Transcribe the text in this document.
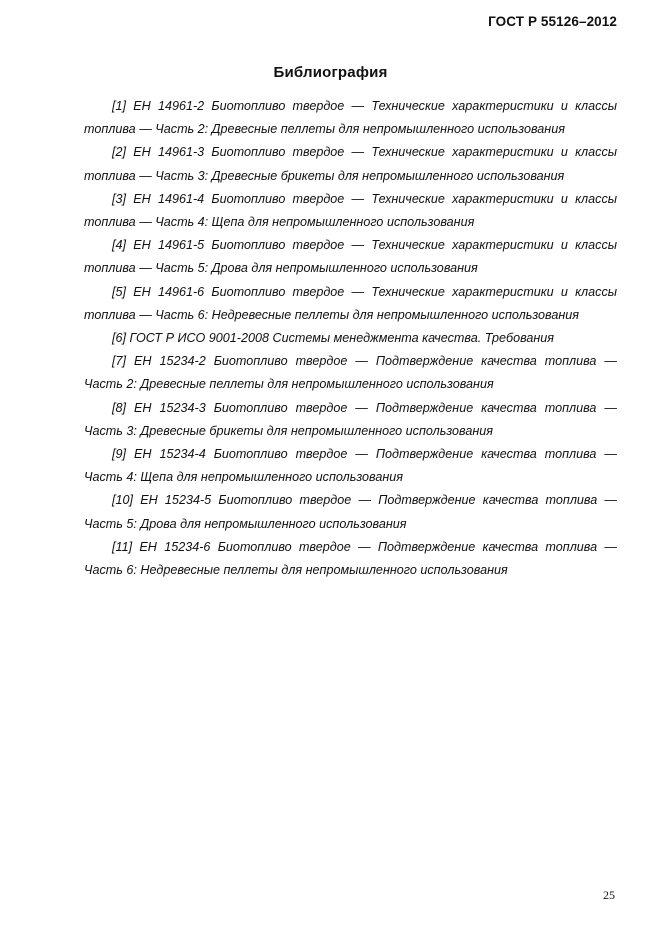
ГОСТ Р 55126–2012
Библиография

[1] ЕН 14961-2 Биотопливо твердое — Технические характеристики и классы топлива — Часть 2: Древесные пеллеты для непромышленного использования

[2] ЕН 14961-3 Биотопливо твердое — Технические характеристики и классы топлива — Часть 3: Древесные брикеты для непромышленного использования

[3] ЕН 14961-4 Биотопливо твердое — Технические характеристики и классы топлива — Часть 4: Щепа для непромышленного использования

[4] ЕН 14961-5 Биотопливо твердое — Технические характеристики и классы топлива — Часть 5: Дрова для непромышленного использования

[5] ЕН 14961-6 Биотопливо твердое — Технические характеристики и классы топлива — Часть 6: Недревесные пеллеты для непромышленного использования

[6] ГОСТ Р ИСО 9001-2008 Системы менеджмента качества. Требования

[7] ЕН 15234-2 Биотопливо твердое — Подтверждение качества топлива — Часть 2: Древесные пеллеты для непромышленного использования

[8] ЕН 15234-3 Биотопливо твердое — Подтверждение качества топлива — Часть 3: Древесные брикеты для непромышленного использования

[9] ЕН 15234-4 Биотопливо твердое — Подтверждение качества топлива — Часть 4: Щепа для непромышленного использования

[10] ЕН 15234-5 Биотопливо твердое — Подтверждение качества топлива — Часть 5: Дрова для непромышленного использования

[11] ЕН 15234-6 Биотопливо твердое — Подтверждение качества топлива — Часть 6: Недревесные пеллеты для непромышленного использования

25
